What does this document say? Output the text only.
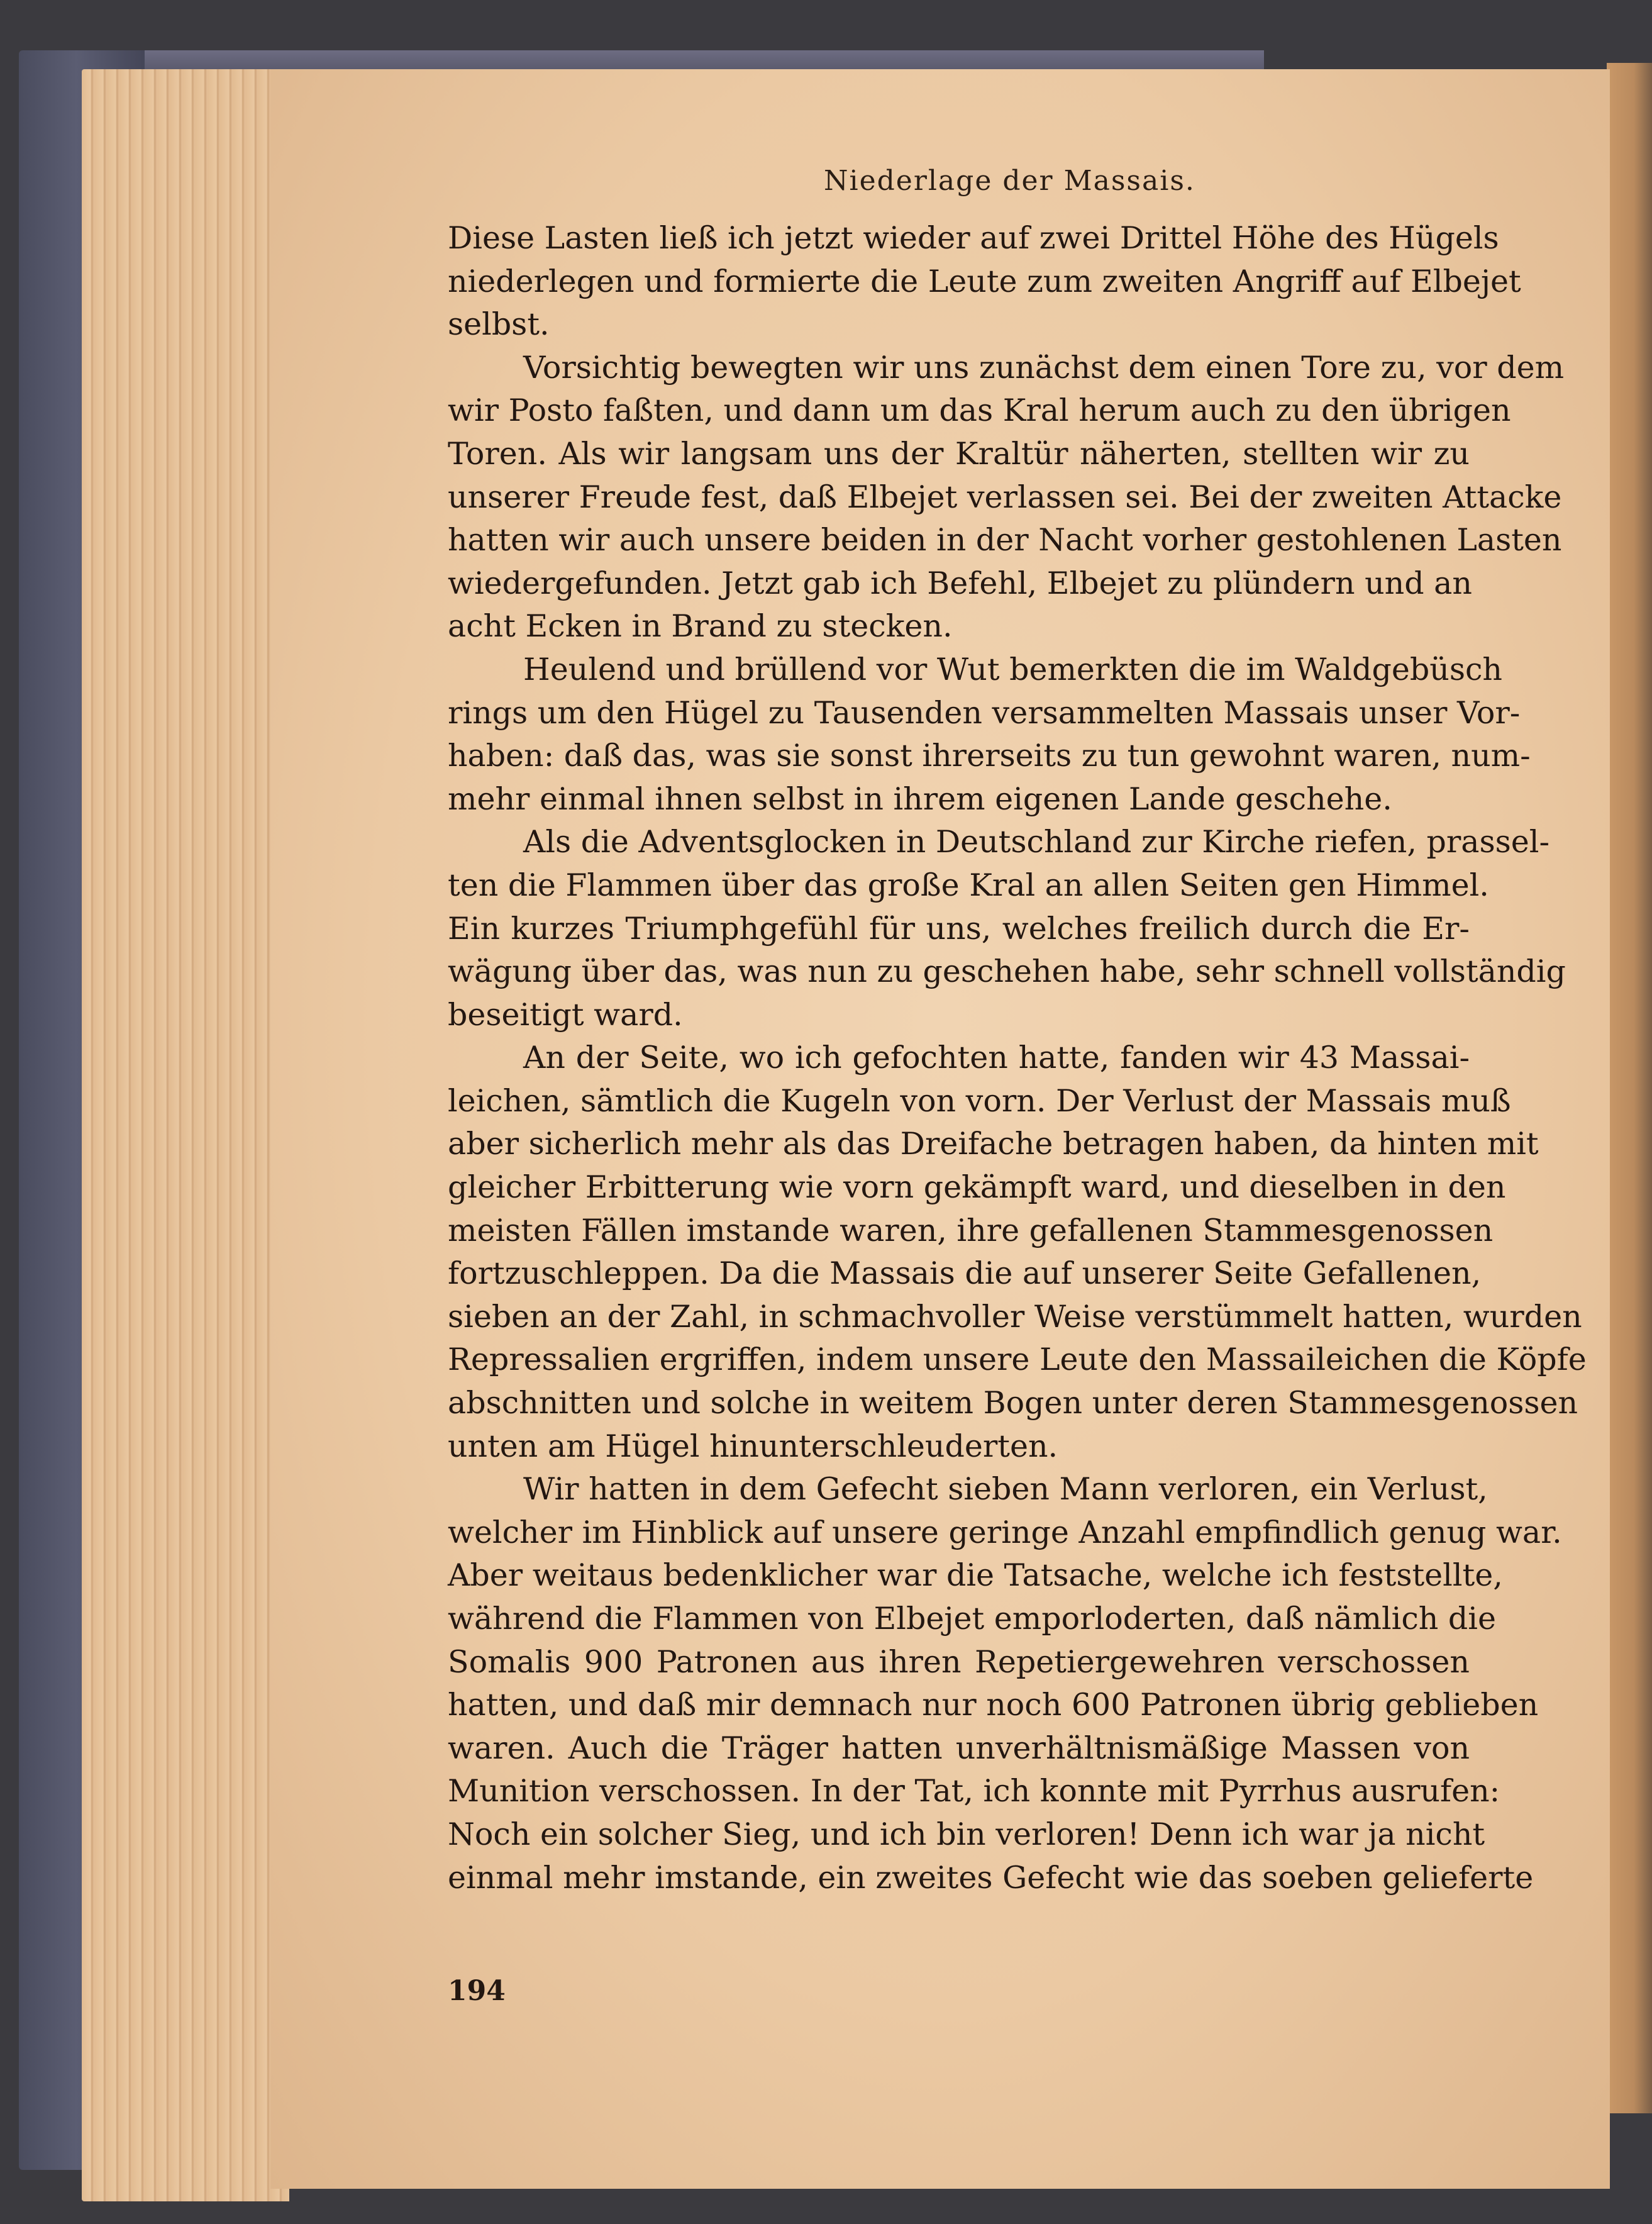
Niederlage der Massais.
Diese Lasten ließ ich jetzt wieder auf zwei Drittel Höhe des Hügels
niederlegen und formierte die Leute zum zweiten Angriff auf Elbejet
selbst.
Vorsichtig bewegten wir uns zunächst dem einen Tore zu, vor dem
wir Posto faßten, und dann um das Kral herum auch zu den übrigen
Toren. Als wir langsam uns der Kraltür näherten, stellten wir zu
unserer Freude fest, daß Elbejet verlassen sei. Bei der zweiten Attacke
hatten wir auch unsere beiden in der Nacht vorher gestohlenen Lasten
wiedergefunden. Jetzt gab ich Befehl, Elbejet zu plündern und an
acht Ecken in Brand zu stecken.
Heulend und brüllend vor Wut bemerkten die im Waldgebüsch
rings um den Hügel zu Tausenden versammelten Massais unser Vor-
haben: daß das, was sie sonst ihrerseits zu tun gewohnt waren, num-
mehr einmal ihnen selbst in ihrem eigenen Lande geschehe.
Als die Adventsglocken in Deutschland zur Kirche riefen, prassel-
ten die Flammen über das große Kral an allen Seiten gen Himmel.
Ein kurzes Triumphgefühl für uns, welches freilich durch die Er-
wägung über das, was nun zu geschehen habe, sehr schnell vollständig
beseitigt ward.
An der Seite, wo ich gefochten hatte, fanden wir 43 Massai-
leichen, sämtlich die Kugeln von vorn. Der Verlust der Massais muß
aber sicherlich mehr als das Dreifache betragen haben, da hinten mit
gleicher Erbitterung wie vorn gekämpft ward, und dieselben in den
meisten Fällen imstande waren, ihre gefallenen Stammesgenossen
fortzuschleppen. Da die Massais die auf unserer Seite Gefallenen,
sieben an der Zahl, in schmachvoller Weise verstümmelt hatten, wurden
Repressalien ergriffen, indem unsere Leute den Massaileichen die Köpfe
abschnitten und solche in weitem Bogen unter deren Stammesgenossen
unten am Hügel hinunterschleuderten.
Wir hatten in dem Gefecht sieben Mann verloren, ein Verlust,
welcher im Hinblick auf unsere geringe Anzahl empfindlich genug war.
Aber weitaus bedenklicher war die Tatsache, welche ich feststellte,
während die Flammen von Elbejet emporloderten, daß nämlich die
Somalis 900 Patronen aus ihren Repetiergewehren verschossen
hatten, und daß mir demnach nur noch 600 Patronen übrig geblieben
waren. Auch die Träger hatten unverhältnismäßige Massen von
Munition verschossen. In der Tat, ich konnte mit Pyrrhus ausrufen:
Noch ein solcher Sieg, und ich bin verloren! Denn ich war ja nicht
einmal mehr imstande, ein zweites Gefecht wie das soeben gelieferte
194
